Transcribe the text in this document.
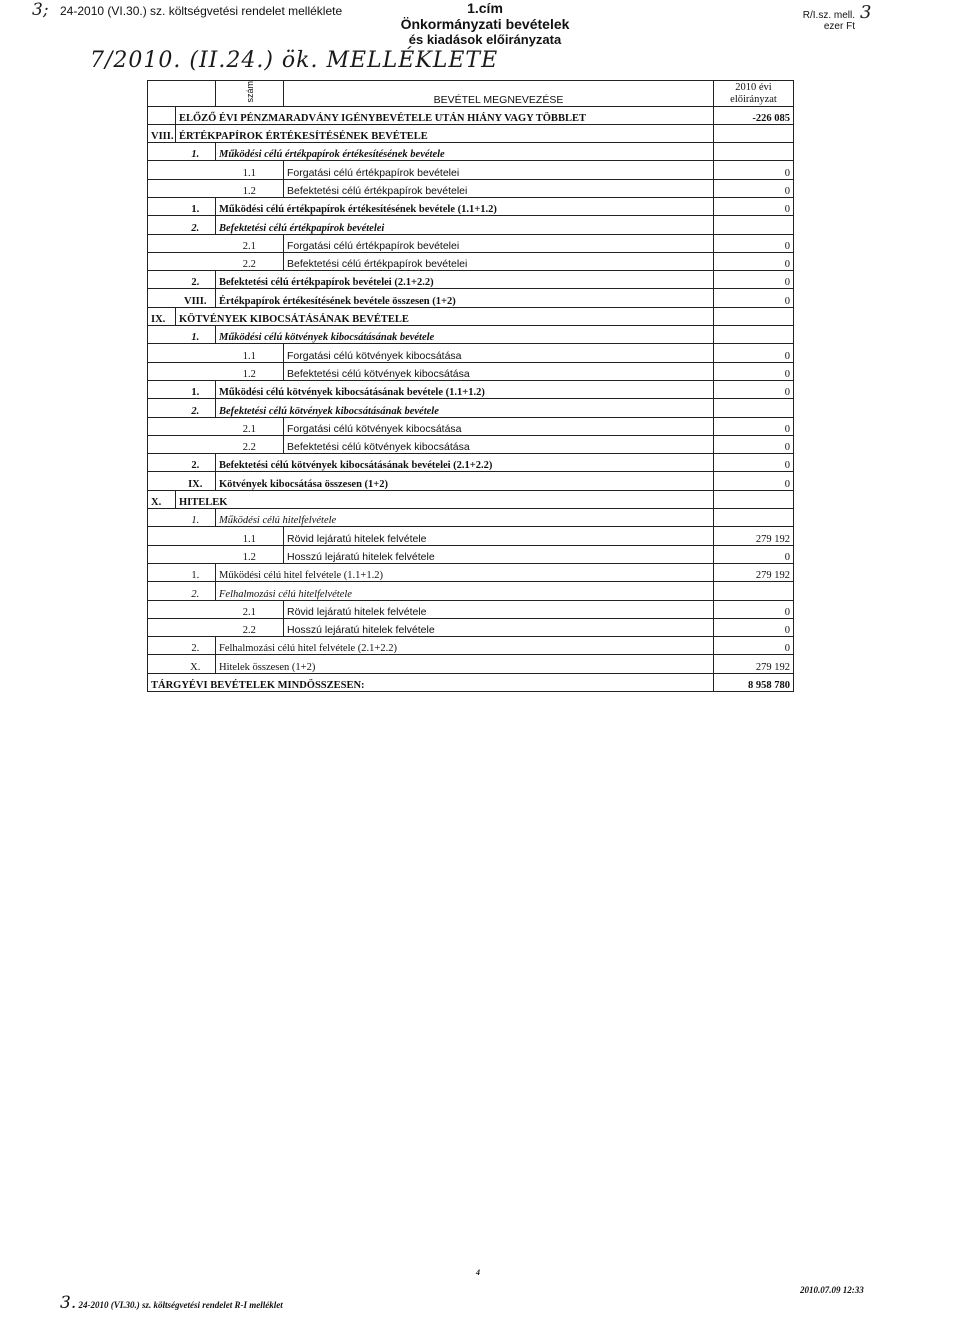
3; 24-2010 (VI.30.) sz. költségvetési rendelet melléklete	1.cím
Önkormányzati bevételek
és kiadások előirányzata
R/I.sz. mell.
ezer Ft
3
7/2010. (II.24.) ök. MELLÉKLETE
		szám	BEVÉTEL MEGNEVEZÉSE	2010 évi
előirányzat

	ELŐZŐ ÉVI PÉNZMARADVÁNY IGÉNYBEVÉTELE UTÁN HIÁNY VAGY TÖBBLET			-226 085
VIII.	ÉRTÉKPAPÍROK ÉRTÉKESÍTÉSÉNEK BEVÉTELE			
	1.	Működési célú értékpapírok értékesítésének bevétele		
		1.1	Forgatási célú értékpapírok bevételei	0
		1.2	Befektetési célú értékpapírok bevételei	0
	1.	Működési célú értékpapírok értékesítésének bevétele (1.1+1.2)		0
	2.	Befektetési célú értékpapírok bevételei		
		2.1	Forgatási célú értékpapírok bevételei	0
		2.2	Befektetési célú értékpapírok bevételei	0
	2.	Befektetési célú értékpapírok bevételei (2.1+2.2)		0
	VIII.	Értékpapírok értékesítésének bevétele összesen (1+2)		0
IX.	KÖTVÉNYEK KIBOCSÁTÁSÁNAK BEVÉTELE			
	1.	Működési célú kötvények kibocsátásának bevétele		
		1.1	Forgatási célú kötvények kibocsátása	0
		1.2	Befektetési célú kötvények kibocsátása	0
	1.	Működési célú kötvények kibocsátásának bevétele (1.1+1.2)		0
	2.	Befektetési célú kötvények kibocsátásának bevétele		
		2.1	Forgatási célú kötvények kibocsátása	0
		2.2	Befektetési célú kötvények kibocsátása	0
	2.	Befektetési célú kötvények kibocsátásának bevételei (2.1+2.2)		0
	IX.	Kötvények kibocsátása összesen (1+2)		0
X.	HITELEK			
	1.	Működési célú hitelfelvétele		
		1.1	Rövid lejáratú hitelek felvétele	279 192
		1.2	Hosszú lejáratú hitelek felvétele	0
	1.	Működési célú hitel felvétele (1.1+1.2)		279 192
	2.	Felhalmozási célú hitelfelvétele		
		2.1	Rövid lejáratú hitelek felvétele	0
		2.2	Hosszú lejáratú hitelek felvétele	0
	2.	Felhalmozási célú hitel felvétele (2.1+2.2)		0
	X.	Hitelek összesen (1+2)		279 192
TÁRGYÉVI BEVÉTELEK MINDÖSSZESEN:				8 958 780
3. 24-2010 (VI.30.) sz. költségvetési rendelet R-I melléklet
4
2010.07.09 12:33
